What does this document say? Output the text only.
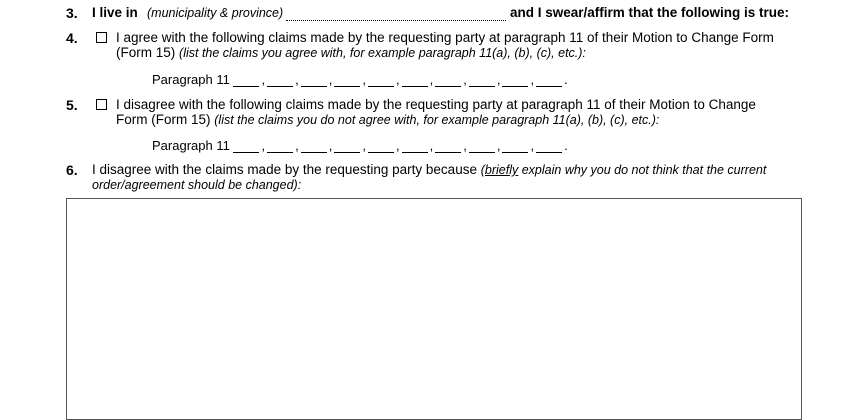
3. I live in (municipality & province)	and I swear/affirm that the following is true:
4.	I agree with the following claims made by the requesting party at paragraph 11 of their Motion to Change Form
(Form 15) (list the claims you agree with, for example paragraph 11(a), (b), (c), etc.):
Paragraph 11 , , , , , , , , , .
5.	I disagree with the following claims made by the requesting party at paragraph 11 of their Motion to Change
Form (Form 15) (list the claims you do not agree with, for example paragraph 11(a), (b), (c), etc.):
Paragraph 11 , , , , , , , , , .
6. I disagree with the claims made by the requesting party because (briefly explain why you do not think that the current
order/agreement should be changed):
